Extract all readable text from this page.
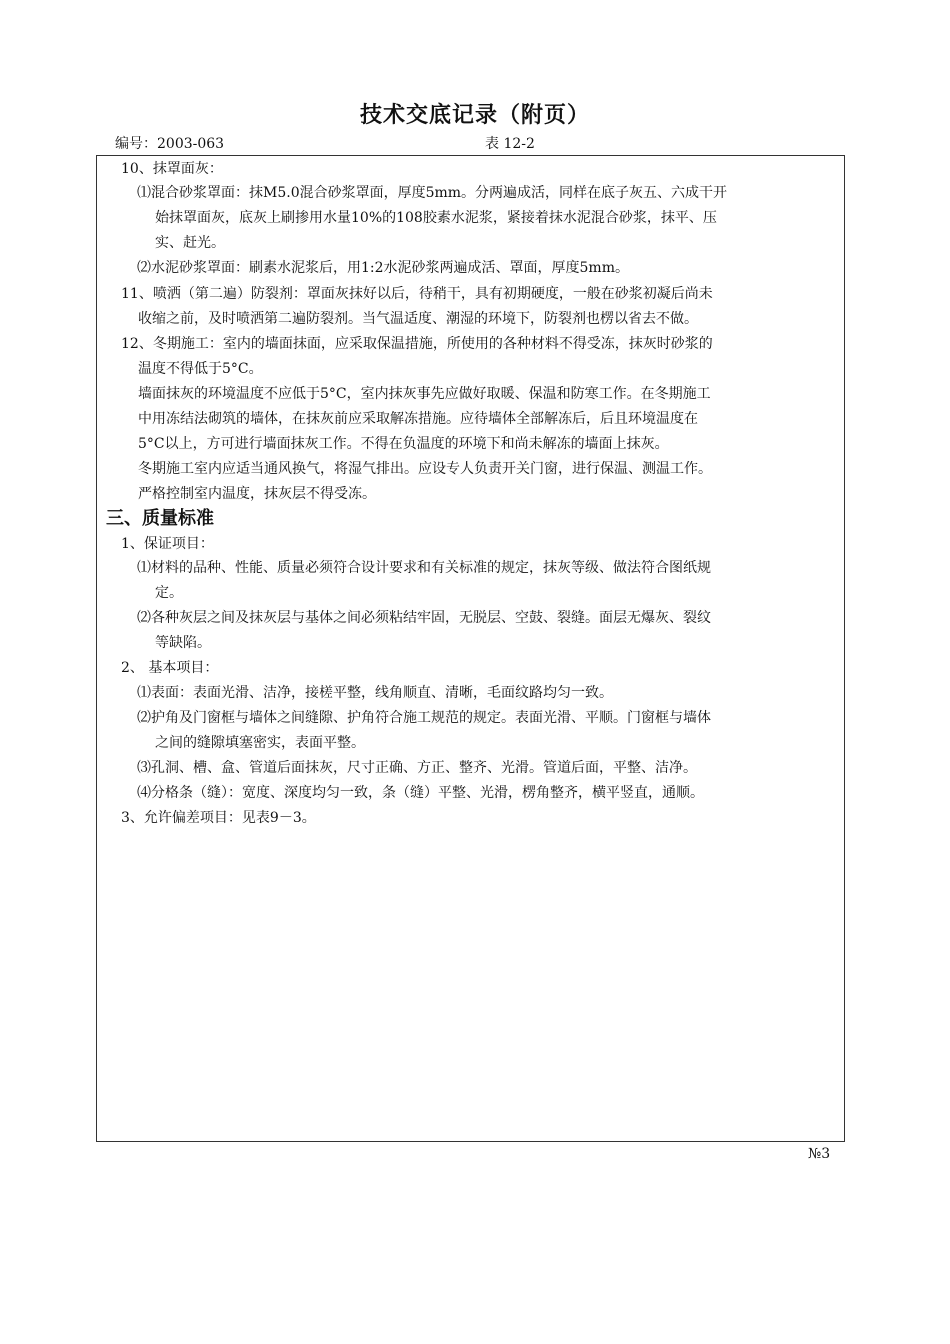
技术交底记录（附页）
编号：2003-063	表 12-2
10、抹罩面灰：
⑴混合砂浆罩面：抹M5.0混合砂浆罩面，厚度5mm。分两遍成活，同样在底子灰五、六成干开
始抹罩面灰，底灰上刷掺用水量10%的108胶素水泥浆，紧接着抹水泥混合砂浆，抹平、压
实、赶光。
⑵水泥砂浆罩面：刷素水泥浆后，用1:2水泥砂浆两遍成活、罩面，厚度5mm。
11、喷洒（第二遍）防裂剂：罩面灰抹好以后，待稍干，具有初期硬度，一般在砂浆初凝后尚未
收缩之前，及时喷洒第二遍防裂剂。当气温适度、潮湿的环境下，防裂剂也楞以省去不做。
12、冬期施工：室内的墙面抹面，应采取保温措施，所使用的各种材料不得受冻，抹灰时砂浆的
温度不得低于5°C。
墙面抹灰的环境温度不应低于5°C，室内抹灰事先应做好取暖、保温和防寒工作。在冬期施工
中用冻结法砌筑的墙体，在抹灰前应采取解冻措施。应待墙体全部解冻后，后且环境温度在
5°C以上，方可进行墙面抹灰工作。不得在负温度的环境下和尚未解冻的墙面上抹灰。
冬期施工室内应适当通风换气，将湿气排出。应设专人负责开关门窗，进行保温、测温工作。
严格控制室内温度，抹灰层不得受冻。
三、质量标准
1、保证项目：
⑴材料的品种、性能、质量必须符合设计要求和有关标准的规定，抹灰等级、做法符合图纸规
定。
⑵各种灰层之间及抹灰层与基体之间必须粘结牢固，无脱层、空鼓、裂缝。面层无爆灰、裂纹
等缺陷。
2、 基本项目：
⑴表面：表面光滑、洁净，接槎平整，线角顺直、清晰，毛面纹路均匀一致。
⑵护角及门窗框与墙体之间缝隙、护角符合施工规范的规定。表面光滑、平顺。门窗框与墙体
之间的缝隙填塞密实，表面平整。
⑶孔洞、槽、盒、管道后面抹灰，尺寸正确、方正、整齐、光滑。管道后面，平整、洁净。
⑷分格条（缝）：宽度、深度均匀一致，条（缝）平整、光滑，楞角整齐，横平竖直，通顺。
3、允许偏差项目：见表9－3。
№3
